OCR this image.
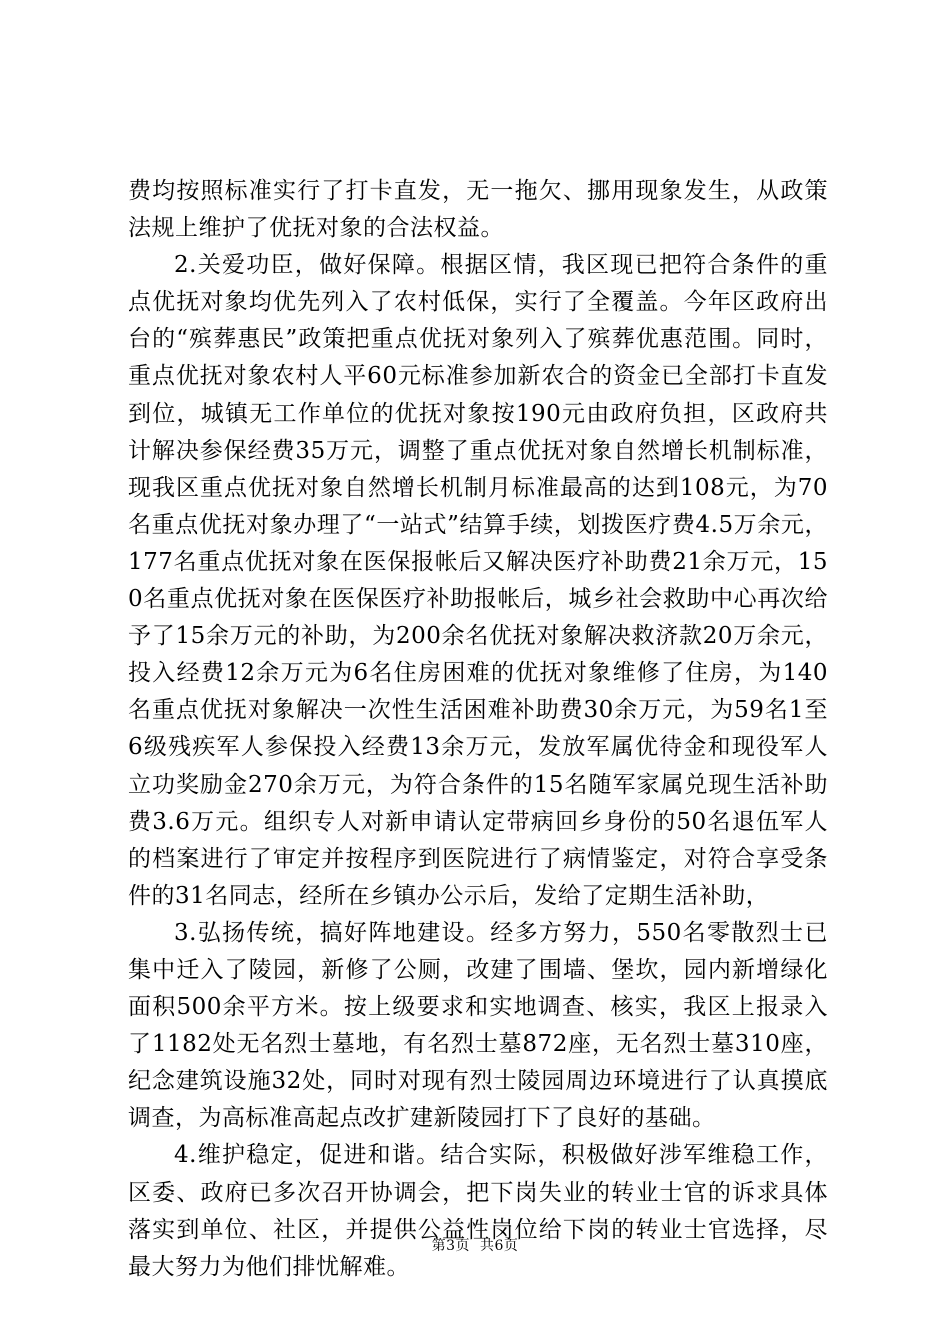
费均按照标准实行了打卡直发，无一拖欠、挪用现象发生，从政策法规上维护了优抚对象的合法权益。

2.关爱功臣，做好保障。根据区情，我区现已把符合条件的重点优抚对象均优先列入了农村低保，实行了全覆盖。今年区政府出台的“殡葬惠民”政策把重点优抚对象列入了殡葬优惠范围。同时，重点优抚对象农村人平60元标准参加新农合的资金已全部打卡直发到位，城镇无工作单位的优抚对象按190元由政府负担，区政府共计解决参保经费35万元，调整了重点优抚对象自然增长机制标准，现我区重点优抚对象自然增长机制月标准最高的达到108元，为70名重点优抚对象办理了“一站式”结算手续，划拨医疗费4.5万余元，177名重点优抚对象在医保报帐后又解决医疗补助费21余万元，150名重点优抚对象在医保医疗补助报帐后，城乡社会救助中心再次给予了15余万元的补助，为200余名优抚对象解决救济款20万余元，投入经费12余万元为6名住房困难的优抚对象维修了住房，为140名重点优抚对象解决一次性生活困难补助费30余万元，为59名1至6级残疾军人参保投入经费13余万元，发放军属优待金和现役军人立功奖励金270余万元，为符合条件的15名随军家属兑现生活补助费3.6万元。组织专人对新申请认定带病回乡身份的50名退伍军人的档案进行了审定并按程序到医院进行了病情鉴定，对符合享受条件的31名同志，经所在乡镇办公示后，发给了定期生活补助，

3.弘扬传统，搞好阵地建设。经多方努力，550名零散烈士已集中迁入了陵园，新修了公厕，改建了围墙、堡坎，园内新增绿化面积500余平方米。按上级要求和实地调查、核实，我区上报录入了1182处无名烈士墓地，有名烈士墓872座，无名烈士墓310座，纪念建筑设施32处，同时对现有烈士陵园周边环境进行了认真摸底调查，为高标准高起点改扩建新陵园打下了良好的基础。

4.维护稳定，促进和谐。结合实际，积极做好涉军维稳工作，区委、政府已多次召开协调会，把下岗失业的转业士官的诉求具体落实到单位、社区，并提供公益性岗位给下岗的转业士官选择，尽最大努力为他们排忧解难。

第3页  共6页
